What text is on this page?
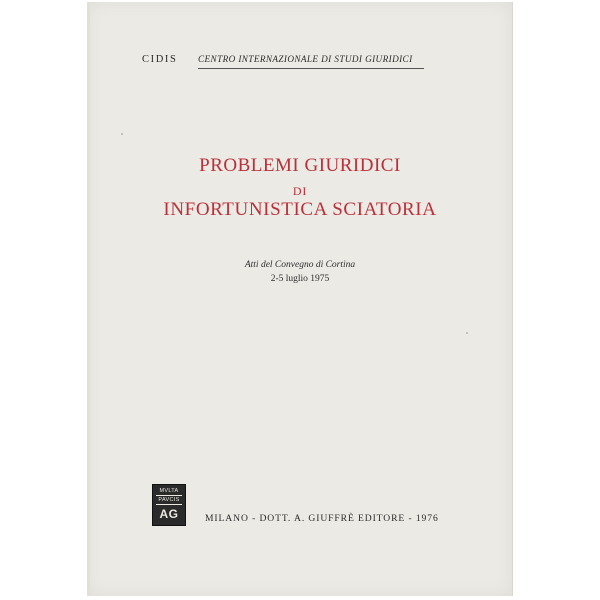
CIDIS CENTRO INTERNAZIONALE DI STUDI GIURIDICI
PROBLEMI GIURIDICI
DI
INFORTUNISTICA SCIATORIA
Atti del Convegno di Cortina
2-5 luglio 1975
MVLTA
PAVCIS
AG	MILANO - DOTT. A. GIUFFRÈ EDITORE - 1976
